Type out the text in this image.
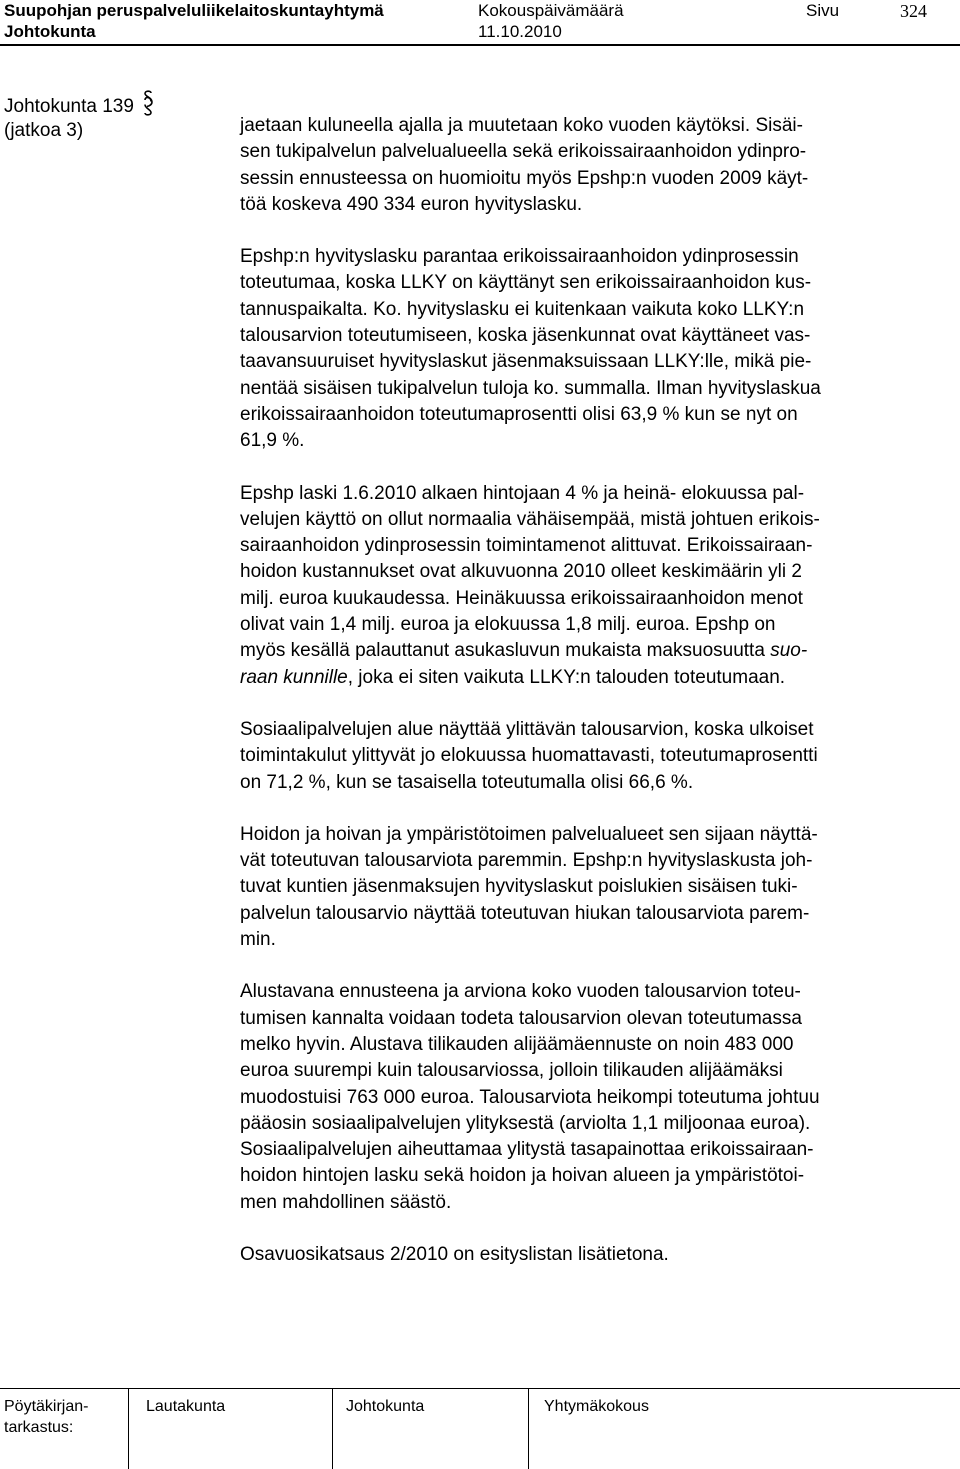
Suupohjan peruspalveluliikelaitoskuntayhtymä	Kokouspäivämäärä	Sivu	324
Johtokunta	11.10.2010
Johtokunta 139
(jatkoa 3)	jaetaan kuluneella ajalla ja muutetaan koko vuoden käytöksi. Sisäi-
sen tukipalvelun palvelualueella sekä erikoissairaanhoidon ydinpro-
sessin ennusteessa on huomioitu myös Epshp:n vuoden 2009 käyt-
töä koskeva 490 334 euron hyvityslasku.

Epshp:n hyvityslasku parantaa erikoissairaanhoidon ydinprosessin
toteutumaa, koska LLKY on käyttänyt sen erikoissairaanhoidon kus-
tannuspaikalta. Ko. hyvityslasku ei kuitenkaan vaikuta koko LLKY:n
talousarvion toteutumiseen, koska jäsenkunnat ovat käyttäneet vas-
taavansuuruiset hyvityslaskut jäsenmaksuissaan LLKY:lle, mikä pie-
nentää sisäisen tukipalvelun tuloja ko. summalla. Ilman hyvityslaskua
erikoissairaanhoidon toteutumaprosentti olisi 63,9 % kun se nyt on
61,9 %.

Epshp laski 1.6.2010 alkaen hintojaan 4 % ja heinä- elokuussa pal-
velujen käyttö on ollut normaalia vähäisempää, mistä johtuen erikois-
sairaanhoidon ydinprosessin toimintamenot alittuvat. Erikoissairaan-
hoidon kustannukset ovat alkuvuonna 2010 olleet keskimäärin yli 2
milj. euroa kuukaudessa. Heinäkuussa erikoissairaanhoidon menot
olivat vain 1,4 milj. euroa ja elokuussa 1,8 milj. euroa. Epshp on
myös kesällä palauttanut asukasluvun mukaista maksuosuutta suo-
raan kunnille, joka ei siten vaikuta LLKY:n talouden toteutumaan.

Sosiaalipalvelujen alue näyttää ylittävän talousarvion, koska ulkoiset
toimintakulut ylittyvät jo elokuussa huomattavasti, toteutumaprosentti
on 71,2 %, kun se tasaisella toteutumalla olisi 66,6 %.

Hoidon ja hoivan ja ympäristötoimen palvelualueet sen sijaan näyttä-
vät toteutuvan talousarviota paremmin. Epshp:n hyvityslaskusta joh-
tuvat kuntien jäsenmaksujen hyvityslaskut poislukien sisäisen tuki-
palvelun talousarvio näyttää toteutuvan hiukan talousarviota parem-
min.

Alustavana ennusteena ja arviona koko vuoden talousarvion toteu-
tumisen kannalta voidaan todeta talousarvion olevan toteutumassa
melko hyvin. Alustava tilikauden alijäämäennuste on noin 483 000
euroa suurempi kuin talousarviossa, jolloin tilikauden alijäämäksi
muodostuisi 763 000 euroa. Talousarviota heikompi toteutuma johtuu
pääosin sosiaalipalvelujen ylityksestä (arviolta 1,1 miljoonaa euroa).
Sosiaalipalvelujen aiheuttamaa ylitystä tasapainottaa erikoissairaan-
hoidon hintojen lasku sekä hoidon ja hoivan alueen ja ympäristötoi-
men mahdollinen säästö.

Osavuosikatsaus 2/2010 on esityslistan lisätietona.

Pöytäkirjan-
tarkastus:
Lautakunta	Johtokunta	Yhtymäkokous
